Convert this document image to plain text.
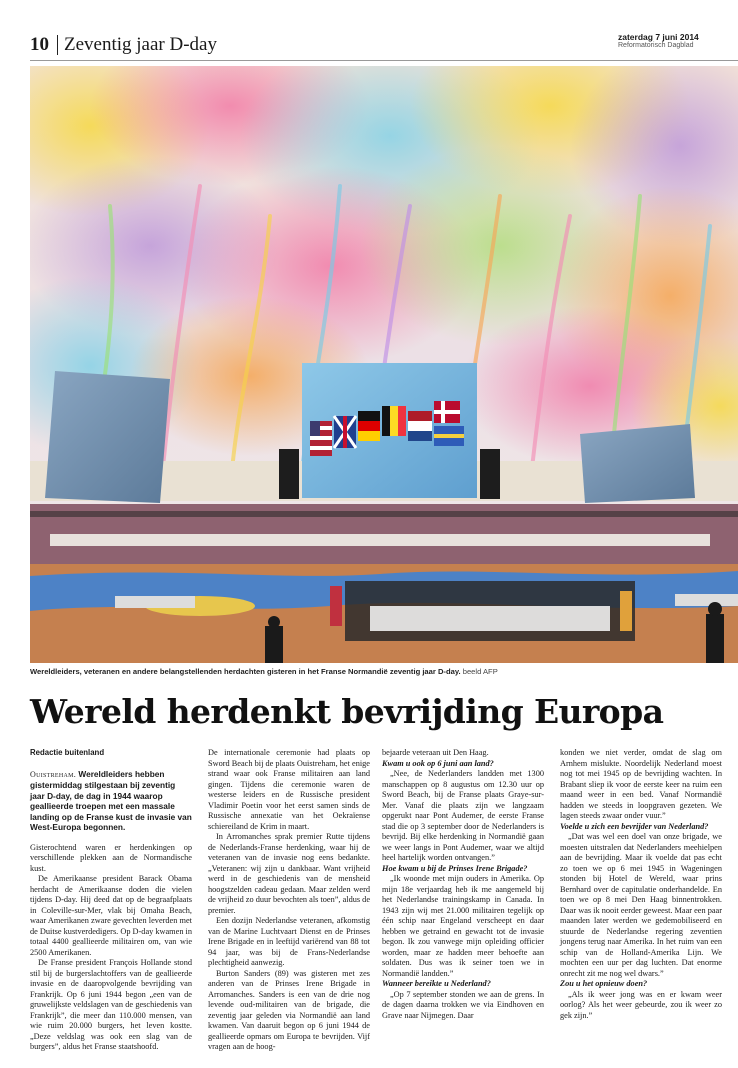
10 Zeventig jaar D-day	zaterdag 7 juni 2014
Reformatorisch Dagblad
Wereldleiders, veteranen en andere belangstellenden herdachten gisteren in het Franse Normandië zeventig jaar D-day. beeld AFP
Wereld herdenkt bevrijding Europa
Redactie buitenland
Ouistreham. Wereldleiders hebben gistermiddag stilgestaan bij zeventig jaar D-day, de dag in 1944 waarop geallieerde troepen met een massale landing op de Franse kust de invasie van West-Europa begonnen.

Gisterochtend waren er herdenkingen op verschillende plekken aan de Normandische kust.

De Amerikaanse president Barack Obama herdacht de Amerikaanse doden die vielen tijdens D-day. Hij deed dat op de begraafplaats in Coleville-sur-Mer, vlak bij Omaha Beach, waar Amerikanen zware gevechten leverden met de Duitse kustverdedigers. Op D-day kwamen in totaal 4400 geallieerde militairen om, van wie 2500 Amerikanen.

De Franse president François Hollande stond stil bij de burgerslachtoffers van de geallieerde invasie en de daaropvolgende bevrijding van Frankrijk. Op 6 juni 1944 begon „een van de gruwelijkste veldslagen van de geschiedenis van Frankrijk”, die meer dan 110.000 mensen, van wie ruim 20.000 burgers, het leven kostte. „Deze veldslag was ook een slag van de burgers”, aldus het Franse staatshoofd.

De internationale ceremonie had plaats op Sword Beach bij de plaats Ouistreham, het enige strand waar ook Franse militairen aan land gingen. Tijdens die ceremonie waren de westerse leiders en de Russische president Vladimir Poetin voor het eerst samen sinds de Russische annexatie van het Oekraïense schiereiland de Krim in maart.

In Arromanches sprak premier Rutte tijdens de Nederlands-Franse herdenking, waar hij de veteranen van de invasie nog eens bedankte. „Veteranen: wij zijn u dankbaar. Want vrijheid werd in de geschiedenis van de mensheid hoogstzelden cadeau gedaan. Maar zelden werd de vrijheid zo duur bevochten als toen”, aldus de premier.

Een dozijn Nederlandse veteranen, afkomstig van de Marine Luchtvaart Dienst en de Prinses Irene Brigade en in leeftijd variërend van 88 tot 94 jaar, was bij de Frans-Nederlandse plechtigheid aanwezig.

Burton Sanders (89) was gisteren met zes anderen van de Prinses Irene Brigade in Arromanches. Sanders is een van de drie nog levende oud-militairen van de brigade, die zeventig jaar geleden via Normandië aan land kwamen. Van daaruit begon op 6 juni 1944 de geallieerde opmars om Europa te bevrijden. Vijf vragen aan de hoog-

bejaarde veteraan uit Den Haag.

Kwam u ook op 6 juni aan land?

„Nee, de Nederlanders landden met 1300 manschappen op 8 augustus om 12.30 uur op Sword Beach, bij de Franse plaats Graye-sur-Mer. Vanaf die plaats zijn we langzaam opgerukt naar Pont Audemer, de eerste Franse stad die op 3 september door de Nederlanders is bevrijd. Bij elke herdenking in Normandië gaan we weer langs in Pont Audemer, waar we altijd heel hartelijk worden ontvangen.”

Hoe kwam u bij de Prinses Irene Brigade?

„Ik woonde met mijn ouders in Amerika. Op mijn 18e verjaardag heb ik me aangemeld bij het Nederlandse trainingskamp in Canada. In 1943 zijn wij met 21.000 militairen tegelijk op één schip naar Engeland verscheept en daar hebben we getraind en gewacht tot de invasie begon. Ik zou vanwege mijn opleiding officier worden, maar ze hadden meer behoefte aan soldaten. Dus was ik seiner toen we in Normandië landden.”

Wanneer bereikte u Nederland?

„Op 7 september stonden we aan de grens. In de dagen daarna trokken we via Eindhoven en Grave naar Nijmegen. Daar

konden we niet verder, omdat de slag om Arnhem mislukte. Noordelijk Nederland moest nog tot mei 1945 op de bevrijding wachten. In Brabant sliep ik voor de eerste keer na ruim een maand weer in een bed. Vanaf Normandië hadden we steeds in loopgraven gezeten. We lagen steeds zwaar onder vuur.”

Voelde u zich een bevrijder van Nederland?

„Dat was wel een doel van onze brigade, we moesten uitstralen dat Nederlanders meehielpen aan de bevrijding. Maar ik voelde dat pas echt zo toen we op 6 mei 1945 in Wageningen stonden bij Hotel de Wereld, waar prins Bernhard over de capitulatie onderhandelde. En toen we op 8 mei Den Haag binnentrokken. Daar was ik nooit eerder geweest. Maar een paar maanden later werden we gedemobiliseerd en stuurde de Nederlandse regering zeventien jongens terug naar Amerika. In het ruim van een schip van de Holland-Amerika Lijn. We mochten een uur per dag luchten. Dat enorme onrecht zit me nog wel dwars.”

Zou u het opnieuw doen?

„Als ik weer jong was en er kwam weer oorlog? Als het weer gebeurde, zou ik weer zo gek zijn.”
